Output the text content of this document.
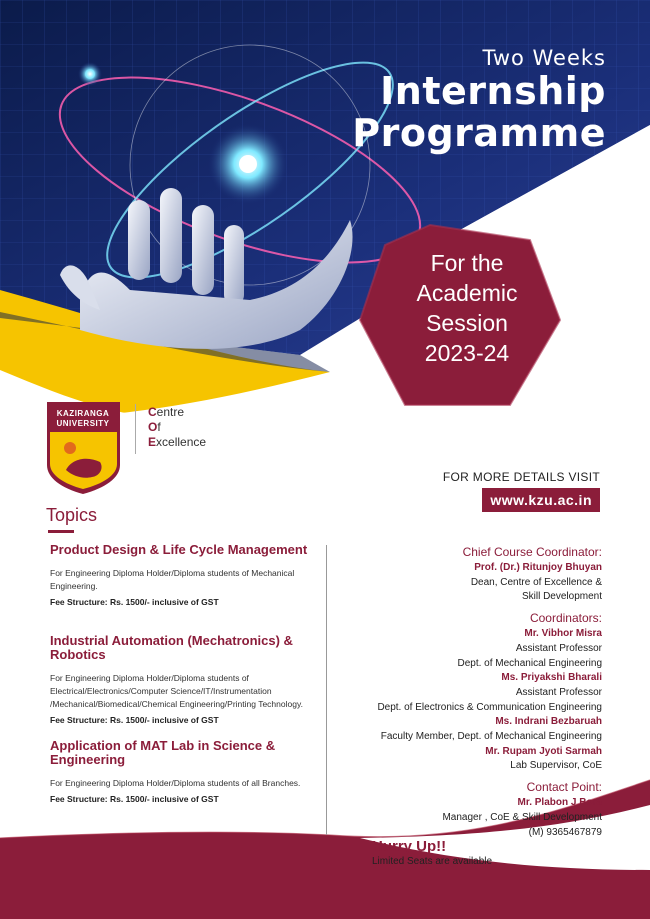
Two Weeks
Internship
Programme
For the
Academic
Session
2023-24
KAZIRANGA
UNIVERSITY
Centre
Of
Excellence
FOR MORE DETAILS VISIT
www.kzu.ac.in
Topics
Product Design & Life Cycle Management

For Engineering Diploma Holder/Diploma students of Mechanical Engineering.

Fee Structure: Rs. 1500/- inclusive of GST
Industrial Automation (Mechatronics) & Robotics

For Engineering Diploma Holder/Diploma students of Electrical/Electronics/Computer Science/IT/Instrumentation /Mechanical/Biomedical/Chemical Engineering/Printing Technology.

Fee Structure: Rs. 1500/- inclusive of GST
Application of MAT Lab in Science & Engineering

For Engineering Diploma Holder/Diploma students of all Branches.

Fee Structure: Rs. 1500/- inclusive of GST
Chief Course Coordinator:
Prof. (Dr.) Ritunjoy Bhuyan
Dean, Centre of Excellence &
Skill Development
Coordinators:
Mr. Vibhor Misra
Assistant Professor
Dept. of Mechanical Engineering
Ms. Priyakshi Bharali
Assistant Professor
Dept. of Electronics & Communication Engineering
Ms. Indrani Bezbaruah
Faculty Member, Dept. of Mechanical Engineering
Mr. Rupam Jyoti Sarmah
Lab Supervisor, CoE
Contact Point:
Mr. Plabon J Bora
Manager , CoE & Skill Development
(M) 9365467879
Hurry Up!!
Limited Seats are available
